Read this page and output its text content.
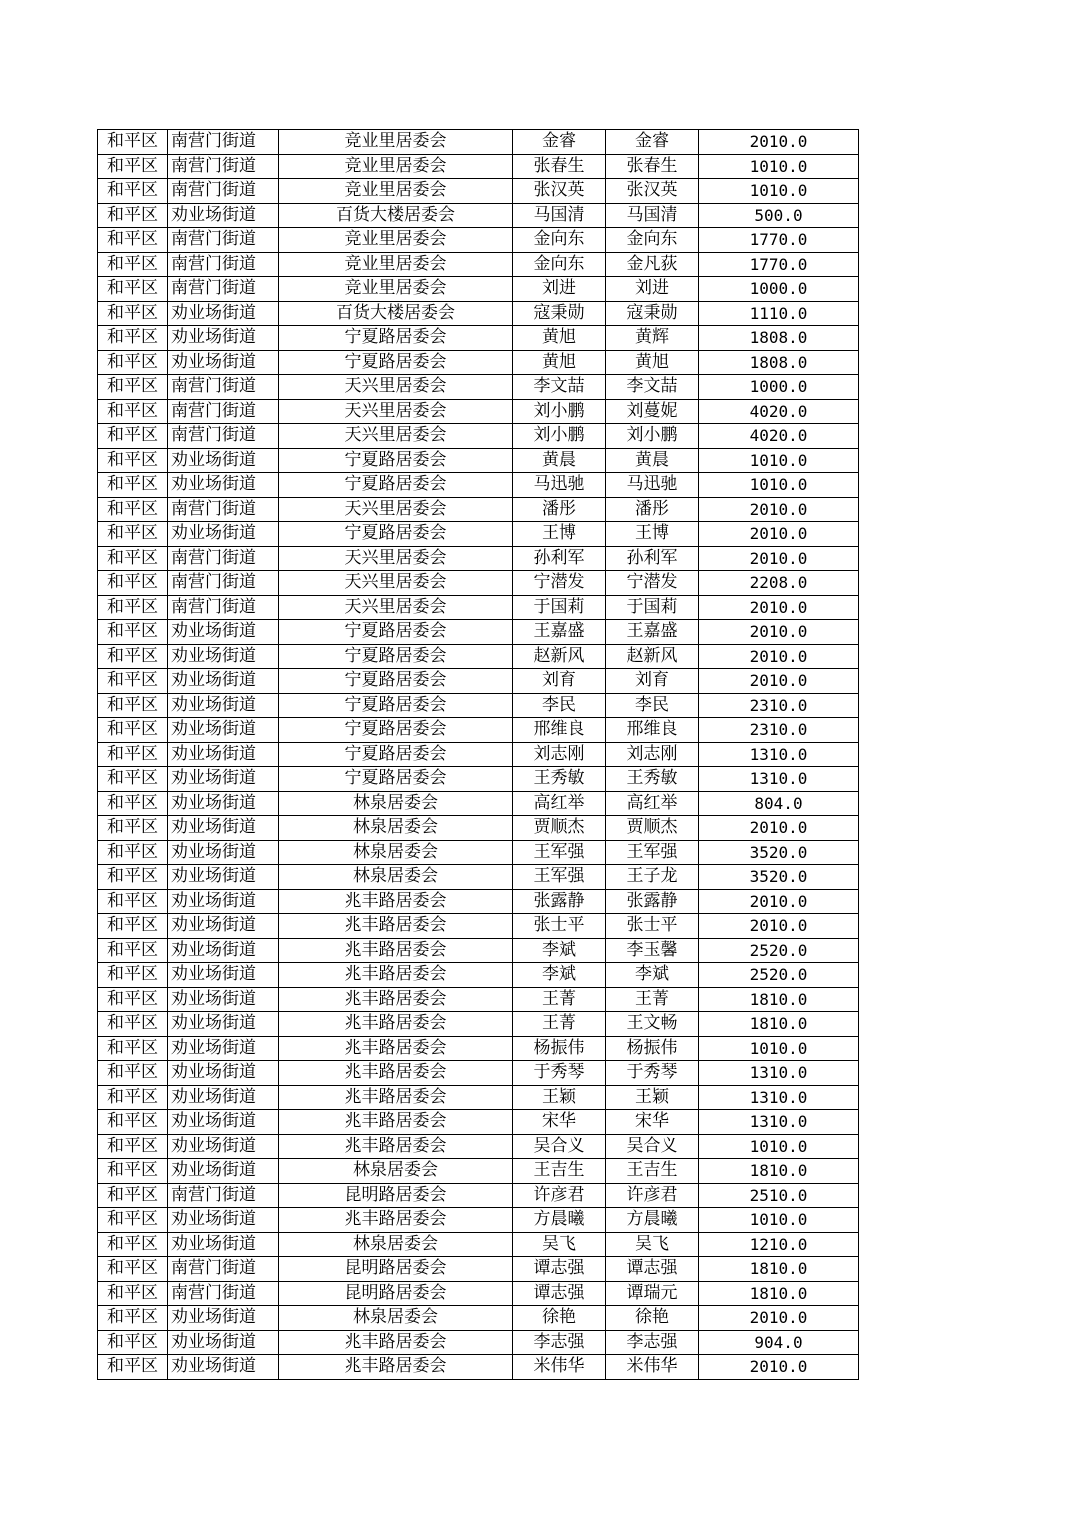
和平区	南营门街道	竞业里居委会	金睿	金睿	2010.0
和平区	南营门街道	竞业里居委会	张春生	张春生	1010.0
和平区	南营门街道	竞业里居委会	张汉英	张汉英	1010.0
和平区	劝业场街道	百货大楼居委会	马国清	马国清	500.0
和平区	南营门街道	竞业里居委会	金向东	金向东	1770.0
和平区	南营门街道	竞业里居委会	金向东	金凡荻	1770.0
和平区	南营门街道	竞业里居委会	刘进	刘进	1000.0
和平区	劝业场街道	百货大楼居委会	寇秉勋	寇秉勋	1110.0
和平区	劝业场街道	宁夏路居委会	黄旭	黄辉	1808.0
和平区	劝业场街道	宁夏路居委会	黄旭	黄旭	1808.0
和平区	南营门街道	天兴里居委会	李文喆	李文喆	1000.0
和平区	南营门街道	天兴里居委会	刘小鹏	刘蔓妮	4020.0
和平区	南营门街道	天兴里居委会	刘小鹏	刘小鹏	4020.0
和平区	劝业场街道	宁夏路居委会	黄晨	黄晨	1010.0
和平区	劝业场街道	宁夏路居委会	马迅驰	马迅驰	1010.0
和平区	南营门街道	天兴里居委会	潘彤	潘彤	2010.0
和平区	劝业场街道	宁夏路居委会	王博	王博	2010.0
和平区	南营门街道	天兴里居委会	孙利军	孙利军	2010.0
和平区	南营门街道	天兴里居委会	宁潜发	宁潜发	2208.0
和平区	南营门街道	天兴里居委会	于国莉	于国莉	2010.0
和平区	劝业场街道	宁夏路居委会	王嘉盛	王嘉盛	2010.0
和平区	劝业场街道	宁夏路居委会	赵新风	赵新风	2010.0
和平区	劝业场街道	宁夏路居委会	刘育	刘育	2010.0
和平区	劝业场街道	宁夏路居委会	李民	李民	2310.0
和平区	劝业场街道	宁夏路居委会	邢维良	邢维良	2310.0
和平区	劝业场街道	宁夏路居委会	刘志刚	刘志刚	1310.0
和平区	劝业场街道	宁夏路居委会	王秀敏	王秀敏	1310.0
和平区	劝业场街道	林泉居委会	高红举	高红举	804.0
和平区	劝业场街道	林泉居委会	贾顺杰	贾顺杰	2010.0
和平区	劝业场街道	林泉居委会	王军强	王军强	3520.0
和平区	劝业场街道	林泉居委会	王军强	王子龙	3520.0
和平区	劝业场街道	兆丰路居委会	张露静	张露静	2010.0
和平区	劝业场街道	兆丰路居委会	张士平	张士平	2010.0
和平区	劝业场街道	兆丰路居委会	李斌	李玉馨	2520.0
和平区	劝业场街道	兆丰路居委会	李斌	李斌	2520.0
和平区	劝业场街道	兆丰路居委会	王菁	王菁	1810.0
和平区	劝业场街道	兆丰路居委会	王菁	王文畅	1810.0
和平区	劝业场街道	兆丰路居委会	杨振伟	杨振伟	1010.0
和平区	劝业场街道	兆丰路居委会	于秀琴	于秀琴	1310.0
和平区	劝业场街道	兆丰路居委会	王颖	王颖	1310.0
和平区	劝业场街道	兆丰路居委会	宋华	宋华	1310.0
和平区	劝业场街道	兆丰路居委会	吴合义	吴合义	1010.0
和平区	劝业场街道	林泉居委会	王吉生	王吉生	1810.0
和平区	南营门街道	昆明路居委会	许彦君	许彦君	2510.0
和平区	劝业场街道	兆丰路居委会	方晨曦	方晨曦	1010.0
和平区	劝业场街道	林泉居委会	吴飞	吴飞	1210.0
和平区	南营门街道	昆明路居委会	谭志强	谭志强	1810.0
和平区	南营门街道	昆明路居委会	谭志强	谭瑞元	1810.0
和平区	劝业场街道	林泉居委会	徐艳	徐艳	2010.0
和平区	劝业场街道	兆丰路居委会	李志强	李志强	904.0
和平区	劝业场街道	兆丰路居委会	米伟华	米伟华	2010.0
